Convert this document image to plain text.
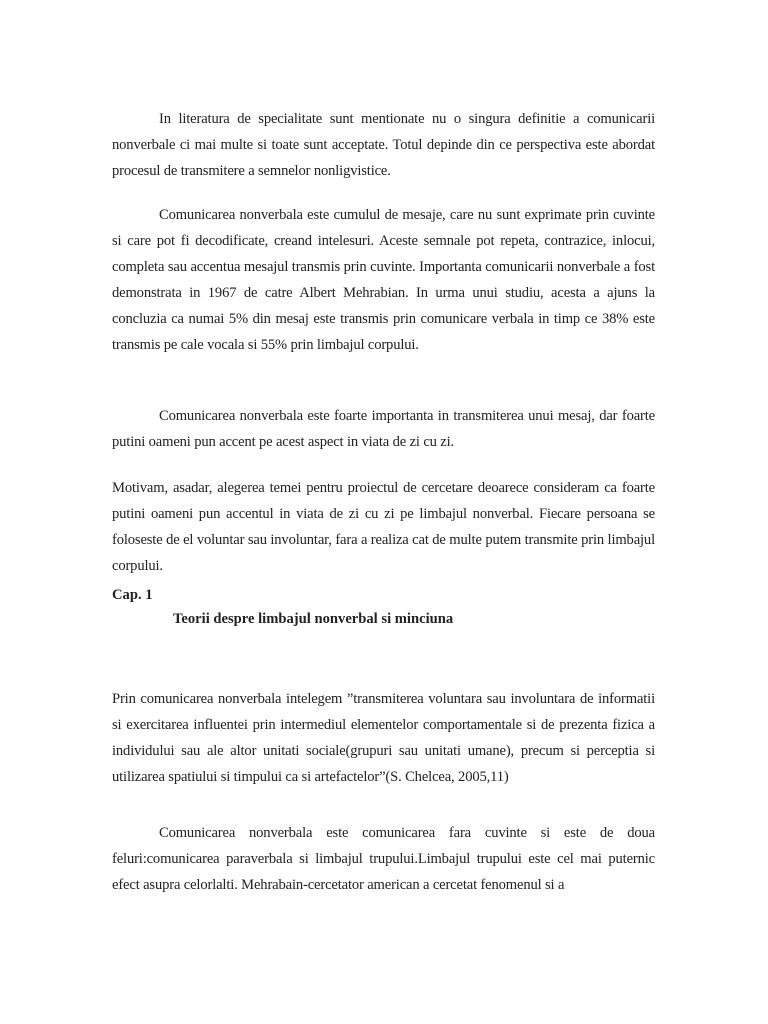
In literatura de specialitate sunt mentionate nu o singura definitie a comunicarii nonverbale ci mai multe si toate sunt acceptate. Totul depinde din ce perspectiva este abordat procesul de transmitere a semnelor nonligvistice.

Comunicarea nonverbala este cumulul de mesaje, care nu sunt exprimate prin cuvinte si care pot fi decodificate, creand intelesuri. Aceste semnale pot repeta, contrazice, inlocui, completa sau accentua mesajul transmis prin cuvinte. Importanta comunicarii nonverbale a fost demonstrata in 1967 de catre Albert Mehrabian. In urma unui studiu, acesta a ajuns la concluzia ca numai 5% din mesaj este transmis prin comunicare verbala in timp ce 38% este transmis pe cale vocala si 55% prin limbajul corpului.

Comunicarea nonverbala este foarte importanta in transmiterea unui mesaj, dar foarte putini oameni pun accent pe acest aspect in viata de zi cu zi.

Motivam, asadar, alegerea temei pentru proiectul de cercetare deoarece consideram ca foarte putini oameni pun accentul in viata de zi cu zi pe limbajul nonverbal. Fiecare persoana se foloseste de el voluntar sau involuntar, fara a realiza cat de multe putem transmite prin limbajul corpului.

Cap. 1
Teorii despre limbajul nonverbal si minciuna

Prin comunicarea nonverbala intelegem ”transmiterea voluntara sau involuntara de informatii si exercitarea influentei prin intermediul elementelor comportamentale si de prezenta fizica a individului sau ale altor unitati sociale(grupuri sau unitati umane), precum si perceptia si utilizarea spatiului si timpului ca si artefactelor”(S. Chelcea, 2005,11)

Comunicarea nonverbala este comunicarea fara cuvinte si este de doua feluri:comunicarea paraverbala si limbajul trupului.Limbajul trupului este cel mai puternic efect asupra celorlalti. Mehrabain-cercetator american a cercetat fenomenul si a
